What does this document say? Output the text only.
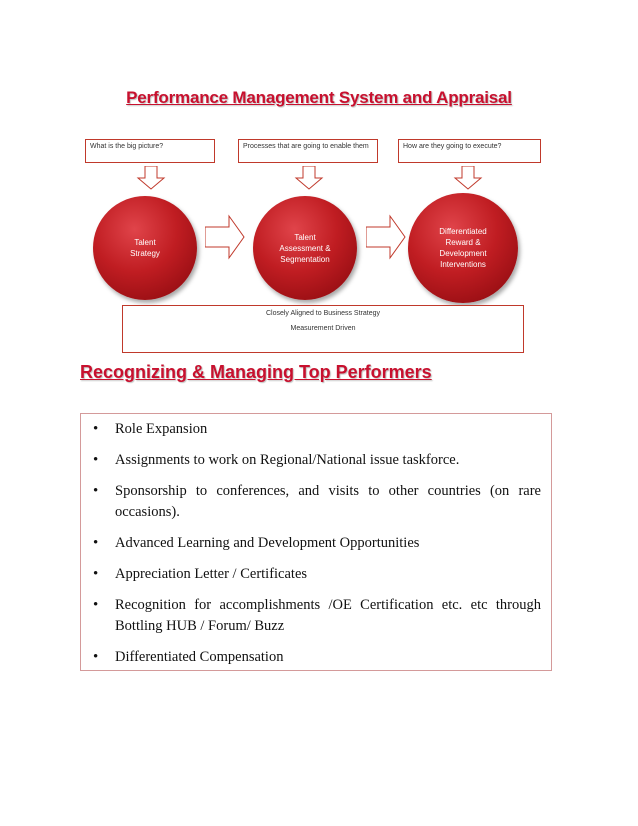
Performance Management System and Appraisal
What is the big picture?	Processes that are going to enable them	How are they going to execute?
Talent
Strategy
Talent
Assessment &
Segmentation
Differentiated
Reward &
Development
Interventions
Closely Aligned to Business Strategy
Measurement Driven
Recognizing & Managing Top Performers
• Role Expansion
• Assignments to work on Regional/National issue taskforce.
• Sponsorship to conferences, and visits to other countries (on rare occasions).
• Advanced Learning and Development Opportunities
• Appreciation Letter / Certificates
• Recognition for accomplishments /OE Certification etc. etc through Bottling HUB / Forum/ Buzz
• Differentiated Compensation
